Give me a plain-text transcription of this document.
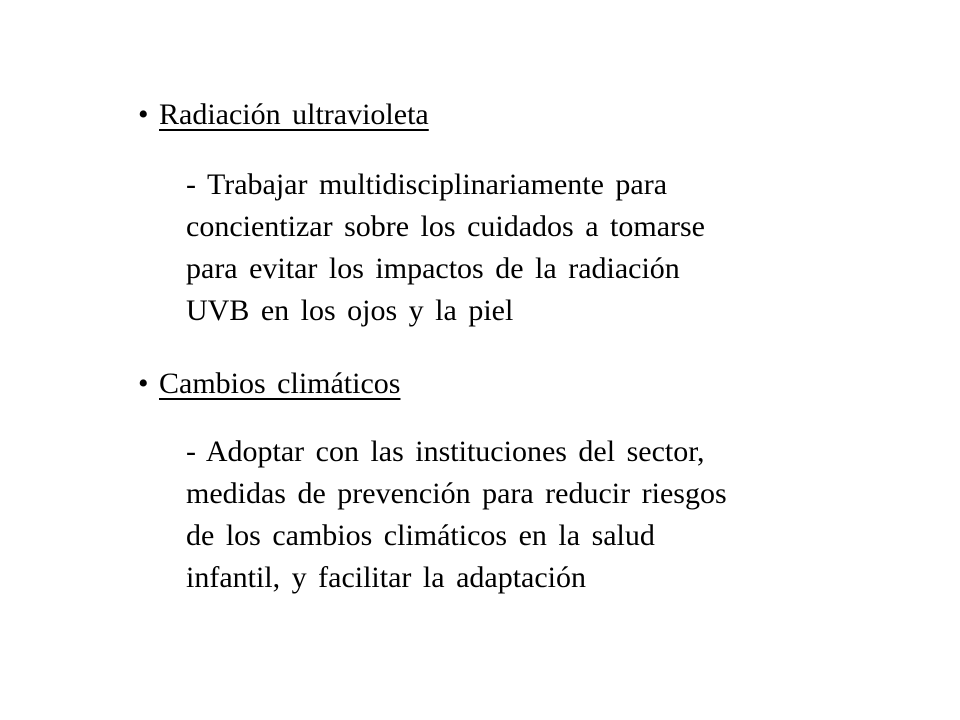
• Radiación ultravioleta
- Trabajar multidisciplinariamente para
concientizar sobre los cuidados a tomarse
para evitar los impactos de la radiación
UVB en los ojos y la piel
• Cambios climáticos
- Adoptar con las instituciones del sector,
medidas de prevención para reducir riesgos
de los cambios climáticos en la salud
infantil, y facilitar la adaptación
